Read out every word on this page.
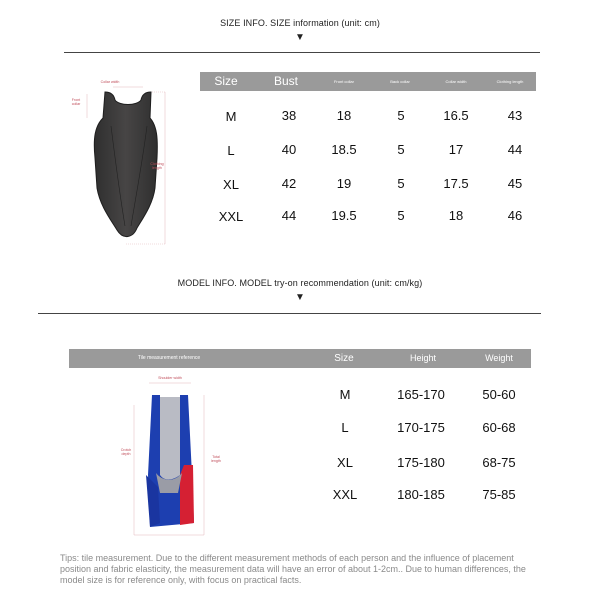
SIZE INFO. SIZE information (unit: cm)
▼
Collar width
Front collar
Clothing length
Size	Bust	Front collar	Back collar	Collar width	Clothing length
M	38	18	5	16.5	43
L	40	18.5	5	17	44
XL	42	19	5	17.5	45
XXL	44	19.5	5	18	46
MODEL INFO. MODEL try-on recommendation (unit: cm/kg)
▼
Tile measurement reference	Size	Height	Weight
Shoulder width
Crotch depth
Total length
M	165-170	50-60
L	170-175	60-68
XL	175-180	68-75
XXL	180-185	75-85
Tips: tile measurement. Due to the different measurement methods of each person and the influence of placement position and fabric elasticity, the measurement data will have an error of about 1-2cm.. Due to human differences, the model size is for reference only, with focus on practical facts.
